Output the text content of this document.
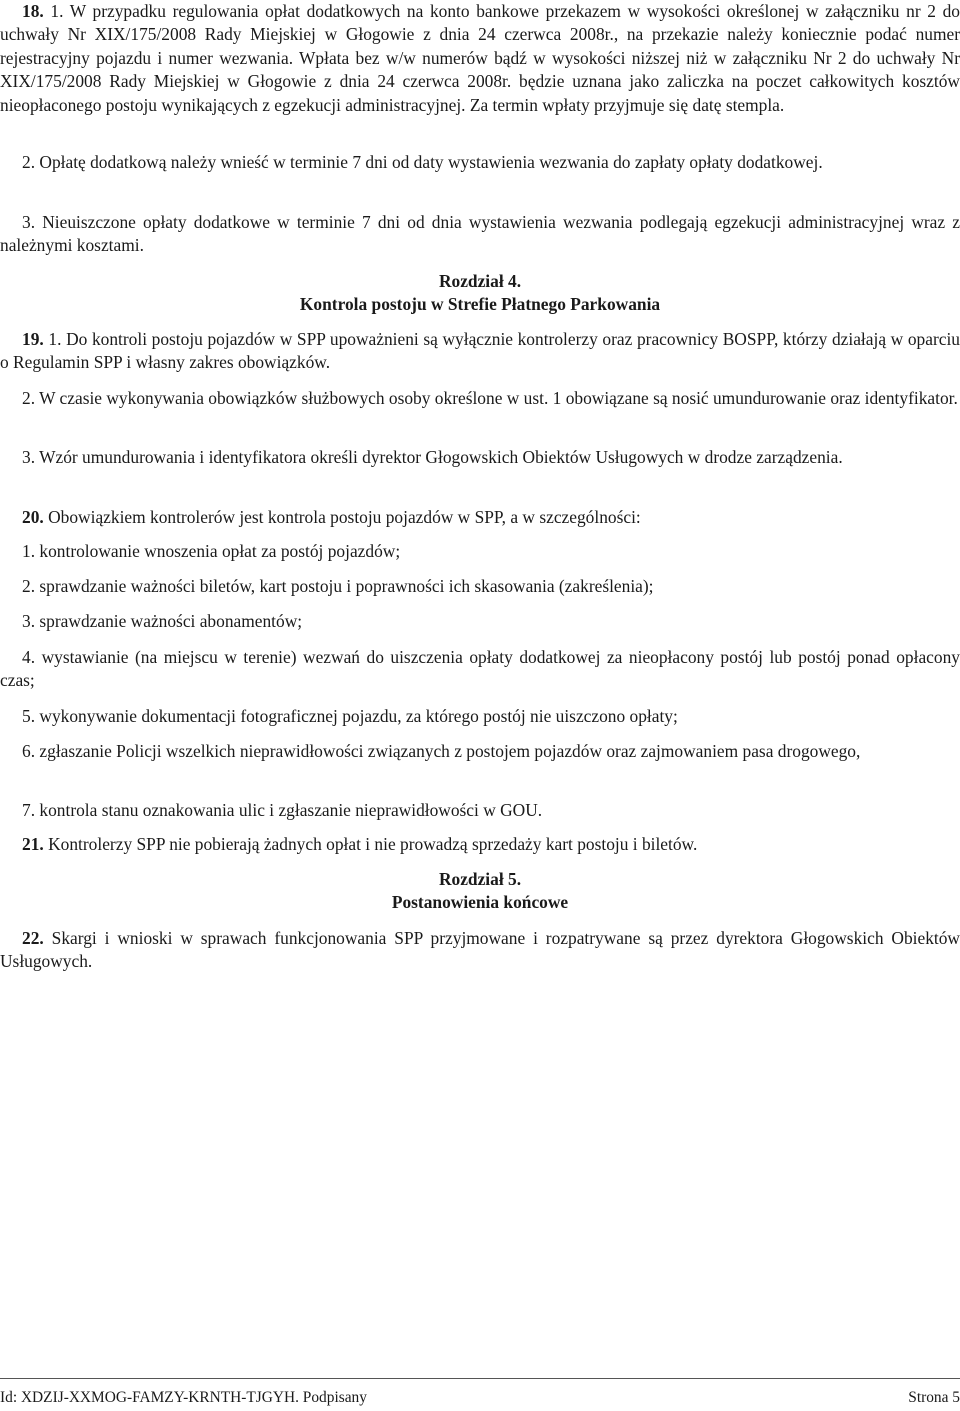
18. 1. W przypadku regulowania opłat dodatkowych na konto bankowe przekazem w wysokości określonej w załączniku nr 2 do uchwały Nr XIX/175/2008 Rady Miejskiej w Głogowie z dnia 24 czerwca 2008r., na przekazie należy koniecznie podać numer rejestracyjny pojazdu i numer wezwania. Wpłata bez w/w numerów bądź w wysokości niższej niż w załączniku Nr 2 do uchwały Nr XIX/175/2008 Rady Miejskiej w Głogowie z dnia 24 czerwca 2008r. będzie uznana jako zaliczka na poczet całkowitych kosztów nieopłaconego postoju wynikających z egzekucji administracyjnej. Za termin wpłaty przyjmuje się datę stempla.

2. Opłatę dodatkową należy wnieść w terminie 7 dni od daty wystawienia wezwania do zapłaty opłaty dodatkowej.

3. Nieuiszczone opłaty dodatkowe w terminie 7 dni od dnia wystawienia wezwania podlegają egzekucji administracyjnej wraz z należnymi kosztami.

Rozdział 4.

Kontrola postoju w Strefie Płatnego Parkowania

19. 1. Do kontroli postoju pojazdów w SPP upoważnieni są wyłącznie kontrolerzy oraz pracownicy BOSPP, którzy działają w oparciu o Regulamin SPP i własny zakres obowiązków.

2. W czasie wykonywania obowiązków służbowych osoby określone w ust. 1 obowiązane są nosić umundurowanie oraz identyfikator.

3. Wzór umundurowania i identyfikatora określi dyrektor Głogowskich Obiektów Usługowych w drodze zarządzenia.

20. Obowiązkiem kontrolerów jest kontrola postoju pojazdów w SPP, a w szczególności:

1. kontrolowanie wnoszenia opłat za postój pojazdów;

2. sprawdzanie ważności biletów, kart postoju i poprawności ich skasowania (zakreślenia);

3. sprawdzanie ważności abonamentów;

4. wystawianie (na miejscu w terenie) wezwań do uiszczenia opłaty dodatkowej za nieopłacony postój lub postój ponad opłacony czas;

5. wykonywanie dokumentacji fotograficznej pojazdu, za którego postój nie uiszczono opłaty;

6. zgłaszanie Policji wszelkich nieprawidłowości związanych z postojem pojazdów oraz zajmowaniem pasa drogowego,

7. kontrola stanu oznakowania ulic i zgłaszanie nieprawidłowości w GOU.

21. Kontrolerzy SPP nie pobierają żadnych opłat i nie prowadzą sprzedaży kart postoju i biletów.

Rozdział 5.

Postanowienia końcowe

22. Skargi i wnioski w sprawach funkcjonowania SPP przyjmowane i rozpatrywane są przez dyrektora Głogowskich Obiektów Usługowych.

Id: XDZIJ-XXMOG-FAMZY-KRNTH-TJGYH. Podpisany	Strona 5
